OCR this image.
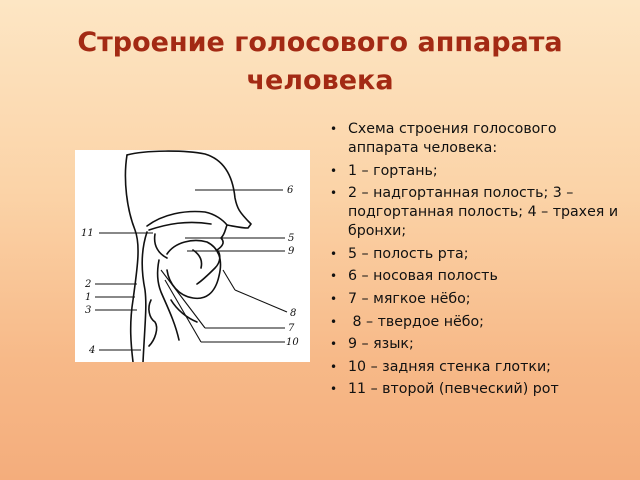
Строение голосового аппарата
человека
11
2
1
3
4
6
5
9
8
7
10
• Схема строения голосового аппарата человека:
• 1 – гортань;
• 2 – надгортанная полость; 3 – подгортанная полость; 4 – трахея и бронхи;
• 5 – полость рта;
• 6 – носовая полость
• 7 – мягкое нёбо;
• 8 – твердое нёбо;
• 9 – язык;
• 10 – задняя стенка глотки;
• 11 – второй (певческий) рот
